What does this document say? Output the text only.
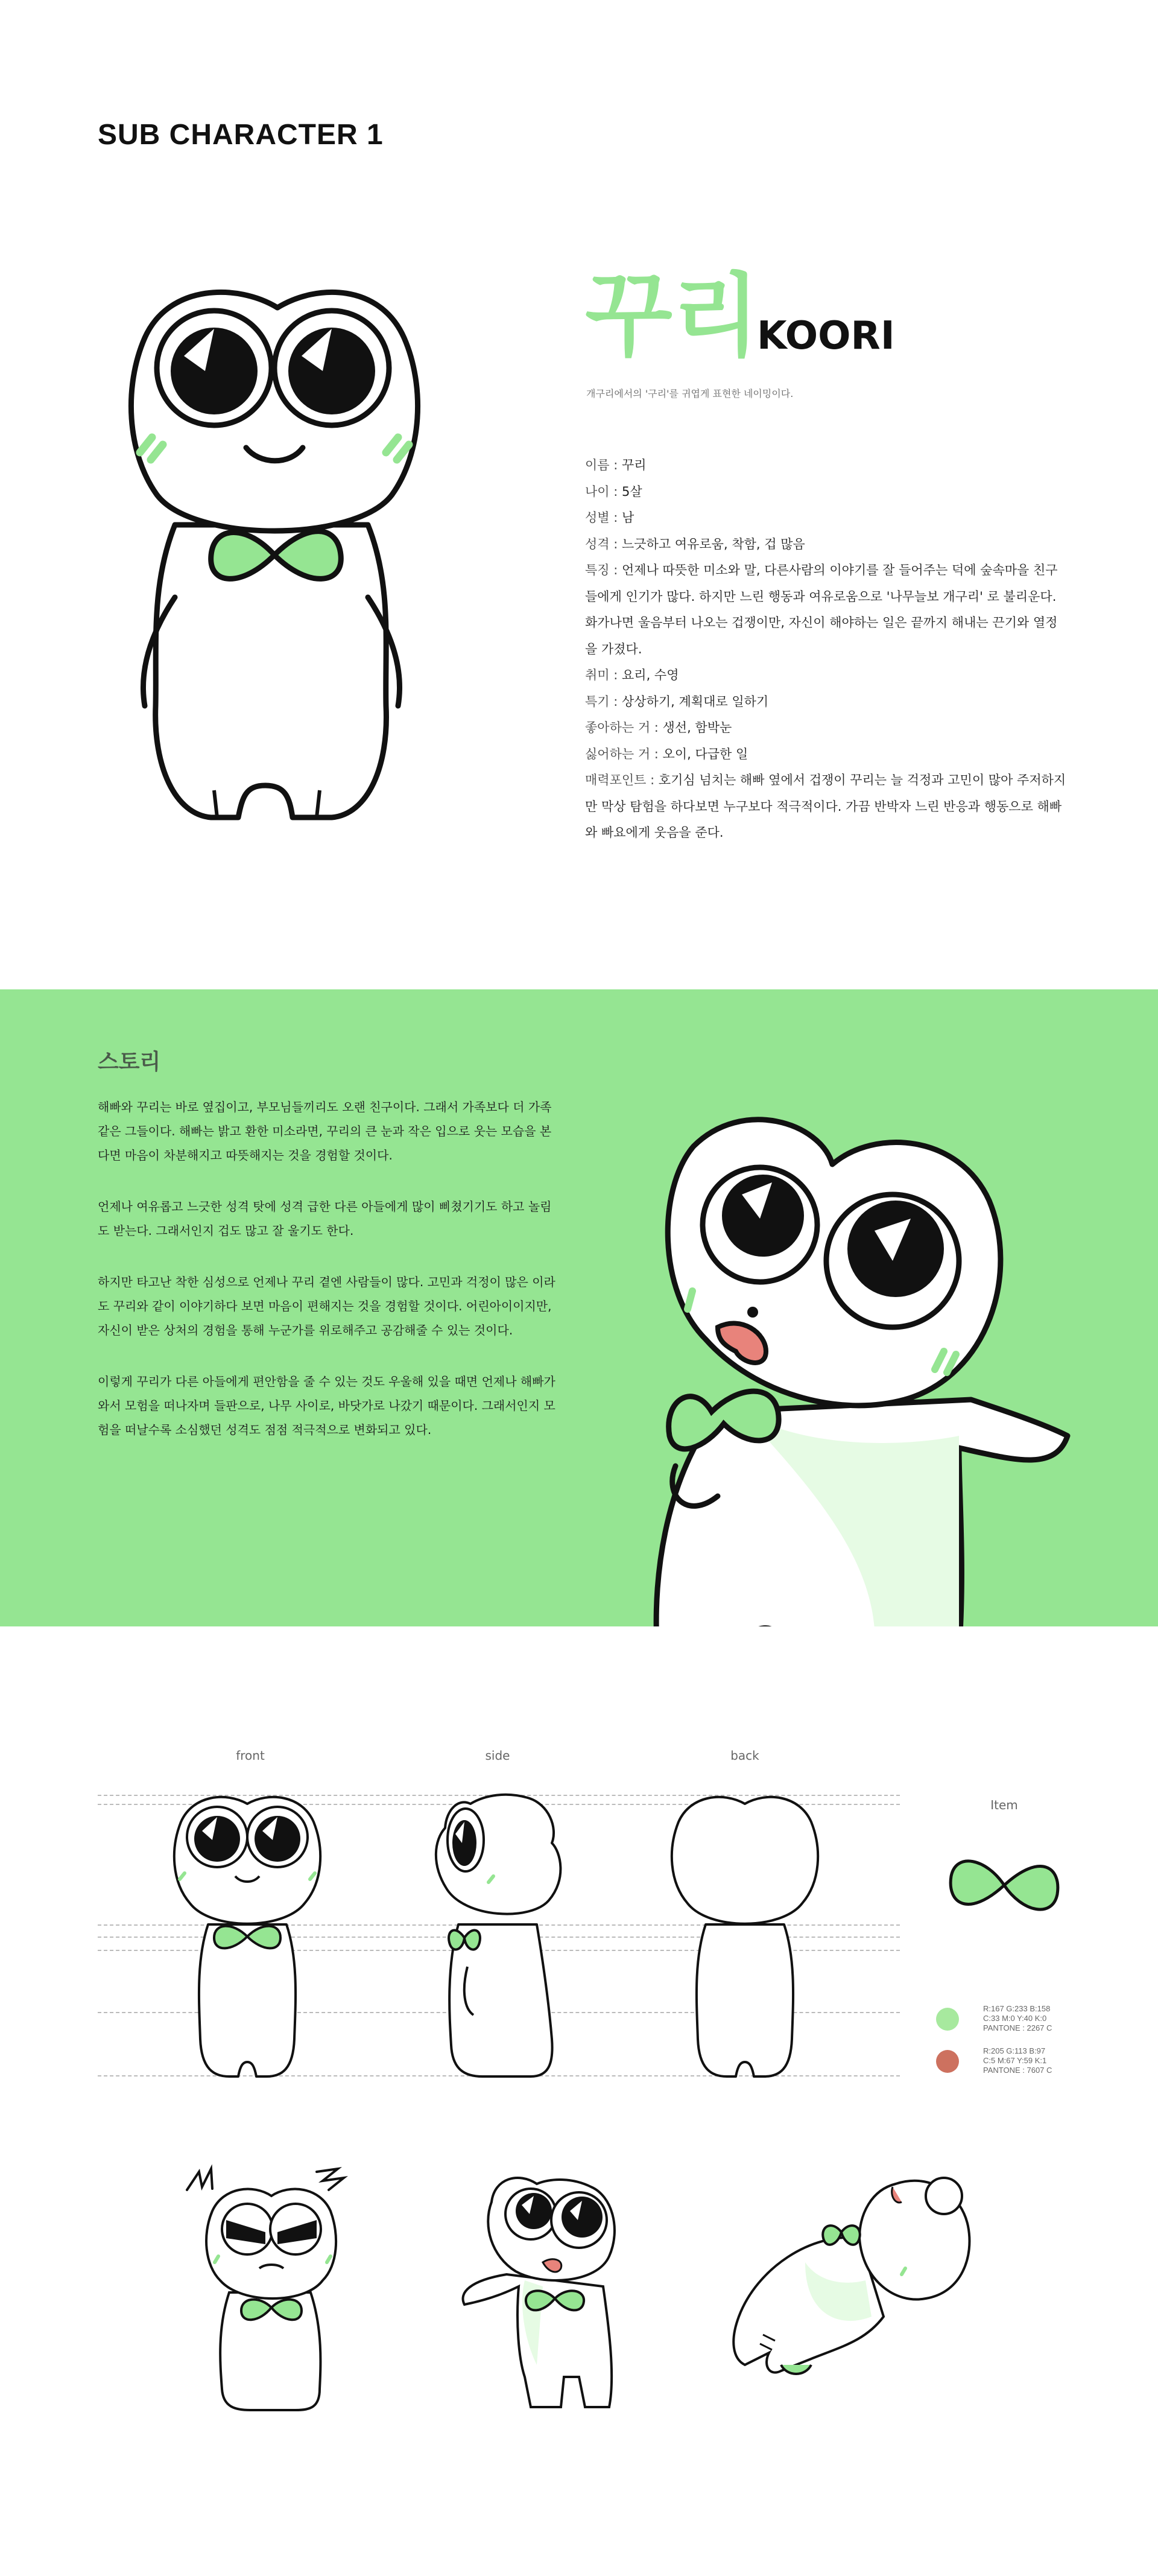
SUB CHARACTER 1
꾸리
KOORI
개구리에서의 '구리'를 귀엽게 표현한 네이밍이다.
이름 : 꾸리
나이 : 5살
성별 : 남
성격 : 느긋하고 여유로움, 착함, 겁 많음
특징 : 언제나 따뜻한 미소와 말, 다른사람의 이야기를 잘 들어주는 덕에 숲속마을 친구들에게 인기가 많다. 하지만 느린 행동과 여유로움으로 '나무늘보 개구리' 로 불리운다. 화가나면 울음부터 나오는 겁쟁이만, 자신이 해야하는 일은 끝까지 해내는 끈기와 열정을 가졌다.
취미 : 요리, 수영
특기 : 상상하기, 계획대로 일하기
좋아하는 거 : 생선, 함박눈
싫어하는 거 : 오이, 다급한 일
매력포인트 : 호기심 넘치는 해빠 옆에서 겁쟁이 꾸리는 늘 걱정과 고민이 많아 주저하지만 막상 탐험을 하다보면 누구보다 적극적이다. 가끔 반박자 느린 반응과 행동으로 해빠와 빠요에게 웃음을 준다.
스토리

해빠와 꾸리는 바로 옆집이고, 부모님들끼리도 오랜 친구이다. 그래서 가족보다 더 가족 같은 그들이다. 해빠는 밝고 환한 미소라면, 꾸리의 큰 눈과 작은 입으로 웃는 모습을 본다면 마음이 차분해지고 따뜻해지는 것을 경험할 것이다.

언제나 여유롭고 느긋한 성격 탓에 성격 급한 다른 아들에게 많이 삐쳤기기도 하고 놀림도 받는다. 그래서인지 겁도 많고 잘 울기도 한다.

하지만 타고난 착한 심성으로 언제나 꾸리 곁엔 사람들이 많다. 고민과 걱정이 많은 이라도 꾸리와 같이 이야기하다 보면 마음이 편해지는 것을 경험할 것이다. 어린아이이지만, 자신이 받은 상처의 경험을 통해 누군가를 위로해주고 공감해줄 수 있는 것이다.

이렇게 꾸리가 다른 아들에게 편안함을 줄 수 있는 것도 우울해 있을 때면 언제나 해빠가 와서 모험을 떠나자며 들판으로, 나무 사이로, 바닷가로 나갔기 때문이다. 그래서인지 모험을 떠날수록 소심했던 성격도 점점 적극적으로 변화되고 있다.

front	side	back
Item
R:167 G:233 B:158
C:33 M:0 Y:40 K:0
PANTONE : 2267 C
R:205 G:113 B:97
C:5 M:67 Y:59 K:1
PANTONE : 7607 C
